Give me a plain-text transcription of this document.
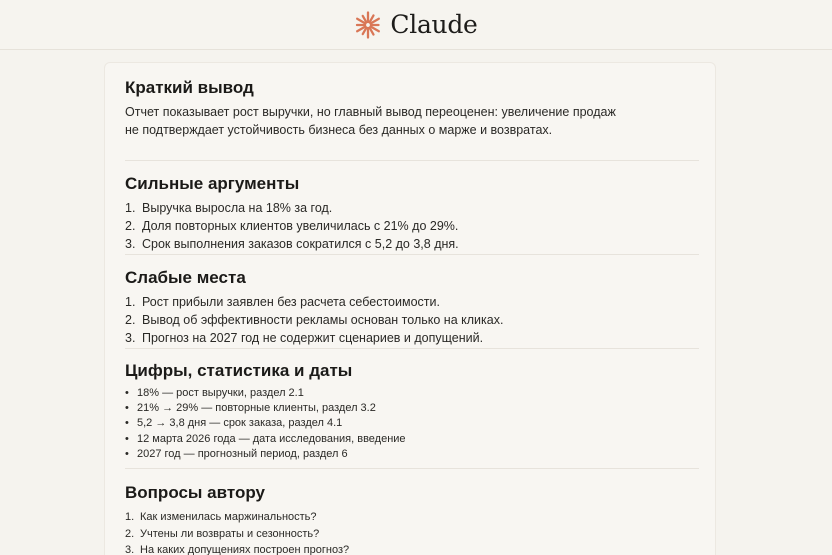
Claude
Краткий вывод

Отчет показывает рост выручки, но главный вывод переоценен: увеличение продаж
не подтверждает устойчивость бизнеса без данных о марже и возвратах.

Сильные аргументы
1. Выручка выросла на 18% за год.
2. Доля повторных клиентов увеличилась с 21% до 29%.
3. Срок выполнения заказов сократился с 5,2 до 3,8 дня.
Слабые места
1. Рост прибыли заявлен без расчета себестоимости.
2. Вывод об эффективности рекламы основан только на кликах.
3. Прогноз на 2027 год не содержит сценариев и допущений.
Цифры, статистика и даты
• 18% — рост выручки, раздел 2.1
• 21% → 29% — повторные клиенты, раздел 3.2
• 5,2 → 3,8 дня — срок заказа, раздел 4.1
• 12 марта 2026 года — дата исследования, введение
• 2027 год — прогнозный период, раздел 6
Вопросы автору
1. Как изменилась маржинальность?
2. Учтены ли возвраты и сезонность?
3. На каких допущениях построен прогноз?
